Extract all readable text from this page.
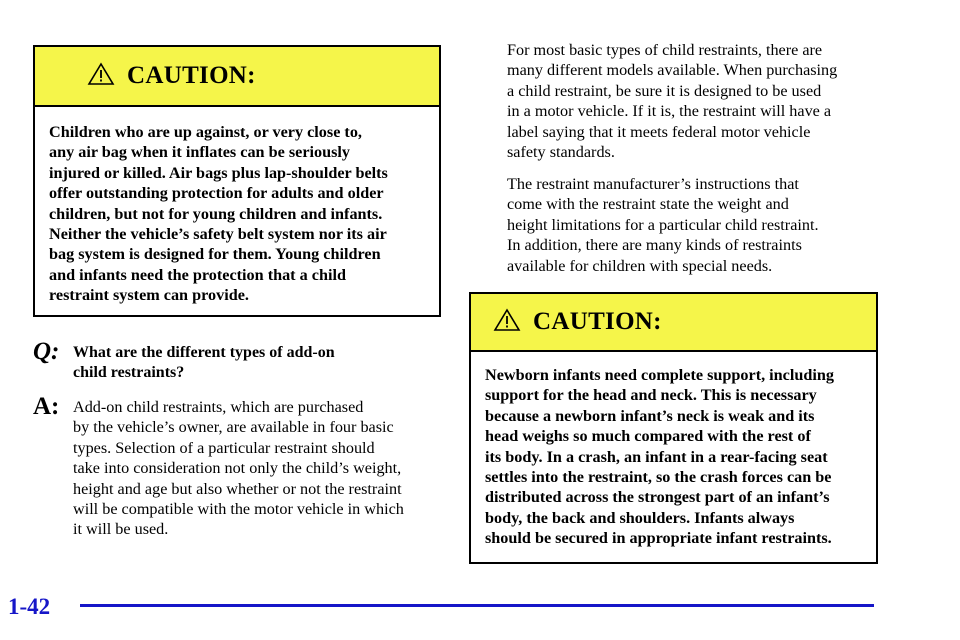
CAUTION:
Children who are up against, or very close to,
any air bag when it inflates can be seriously
injured or killed. Air bags plus lap-shoulder belts
offer outstanding protection for adults and older
children, but not for young children and infants.
Neither the vehicle’s safety belt system nor its air
bag system is designed for them. Young children
and infants need the protection that a child
restraint system can provide.
Q: What are the different types of add-on
child restraints?
A: Add-on child restraints, which are purchased
by the vehicle’s owner, are available in four basic
types. Selection of a particular restraint should
take into consideration not only the child’s weight,
height and age but also whether or not the restraint
will be compatible with the motor vehicle in which
it will be used.
For most basic types of child restraints, there are
many different models available. When purchasing
a child restraint, be sure it is designed to be used
in a motor vehicle. If it is, the restraint will have a
label saying that it meets federal motor vehicle
safety standards.
The restraint manufacturer’s instructions that
come with the restraint state the weight and
height limitations for a particular child restraint.
In addition, there are many kinds of restraints
available for children with special needs.
CAUTION:
Newborn infants need complete support, including
support for the head and neck. This is necessary
because a newborn infant’s neck is weak and its
head weighs so much compared with the rest of
its body. In a crash, an infant in a rear-facing seat
settles into the restraint, so the crash forces can be
distributed across the strongest part of an infant’s
body, the back and shoulders. Infants always
should be secured in appropriate infant restraints.
1-42
